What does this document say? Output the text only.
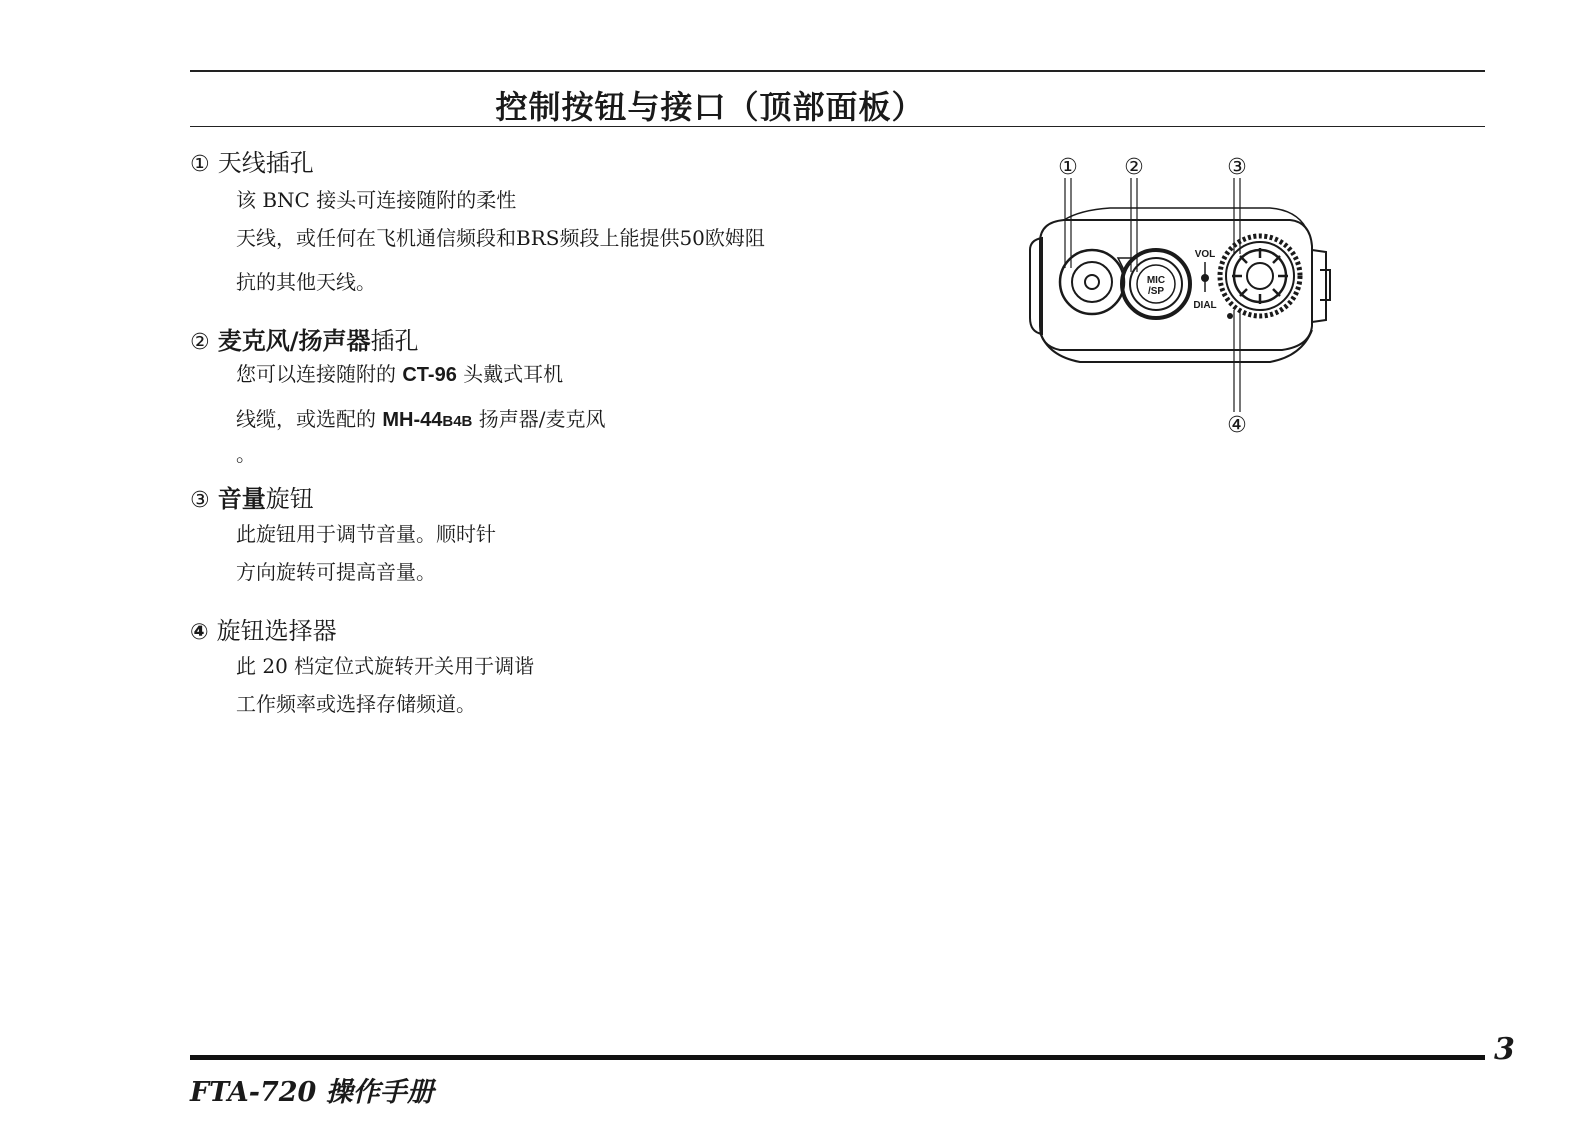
控制按钮与接口（顶部面板）
① 天线插孔
该 BNC 接头可连接随附的柔性
天线，或任何在飞机通信频段和BRS频段上能提供50欧姆阻
抗的其他天线。
② 麦克风/扬声器插孔
您可以连接随附的 CT-96 头戴式耳机
线缆，或选配的 MH-44B4B 扬声器/麦克风
。
③ 音量旋钮
此旋钮用于调节音量。顺时针
方向旋转可提高音量。
④ 旋钮选择器
此 20 档定位式旋转开关用于调谐
工作频率或选择存储频道。
MIC
/SP
VOL
DIAL
① ②	③
④
3
FTA-720 操作手册
